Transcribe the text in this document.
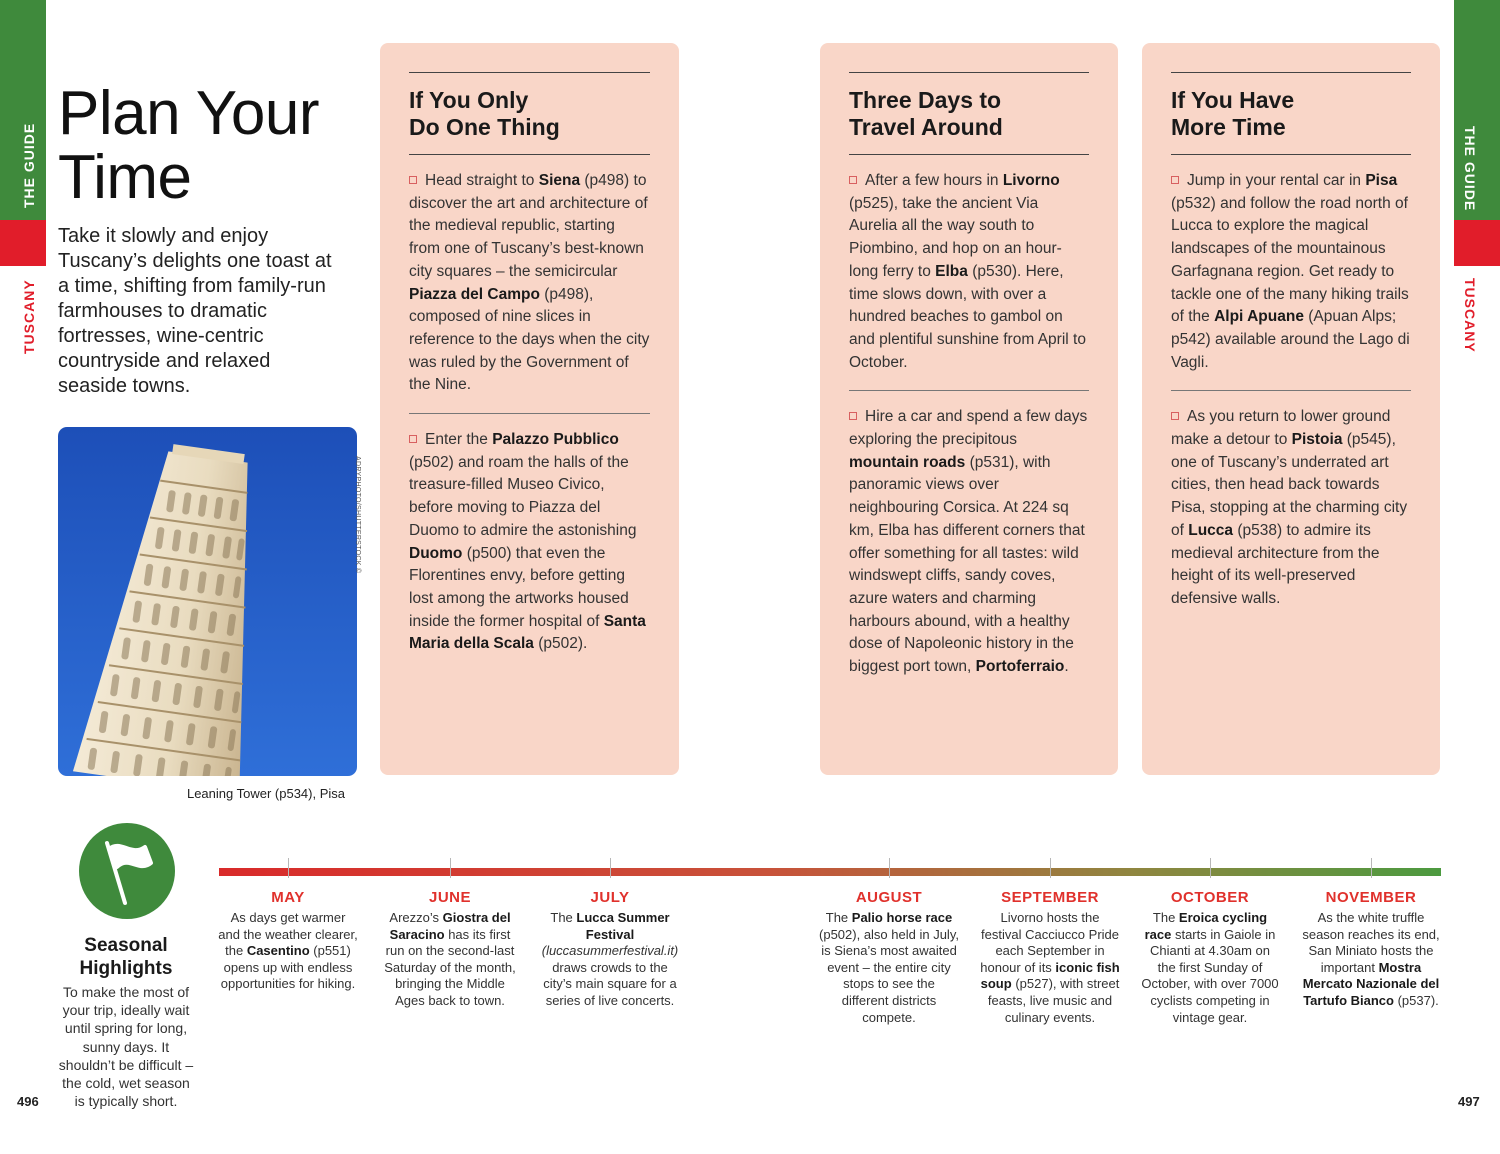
THE GUIDE
TUSCANY
THE GUIDE
TUSCANY
Plan Your
Time
Take it slowly and enjoy Tuscany’s delights one toast at a time, shifting from family-run farmhouses to dramatic fortresses, wine-centric countryside and relaxed seaside towns.
ADRYPHOTO/SHUTTERSTOCK ©
Leaning Tower (p534), Pisa
If You Only
Do One Thing
Head straight to Siena (p498) to discover the art and architecture of the medieval republic, starting from one of Tuscany’s best-known city squares – the semicircular Piazza del Campo (p498), composed of nine slices in reference to the days when the city was ruled by the Government of the Nine.
Enter the Palazzo Pubblico (p502) and roam the halls of the treasure-filled Museo Civico, before moving to Piazza del Duomo to admire the astonishing Duomo (p500) that even the Florentines envy, before getting lost among the artworks housed inside the former hospital of Santa Maria della Scala (p502).
Three Days to
Travel Around
After a few hours in Livorno (p525), take the ancient Via Aurelia all the way south to Piombino, and hop on an hour-long ferry to Elba (p530). Here, time slows down, with over a hundred beaches to gambol on and plentiful sunshine from April to October.
Hire a car and spend a few days exploring the precipitous mountain roads (p531), with panoramic views over neighbouring Corsica. At 224 sq km, Elba has different corners that offer something for all tastes: wild windswept cliffs, sandy coves, azure waters and charming harbours abound, with a healthy dose of Napoleonic history in the biggest port town, Portoferraio.
If You Have
More Time
Jump in your rental car in Pisa (p532) and follow the road north of Lucca to explore the magical landscapes of the mountainous Garfagnana region. Get ready to tackle one of the many hiking trails of the Alpi Apuane (Apuan Alps; p542) available around the Lago di Vagli.
As you return to lower ground make a detour to Pistoia (p545), one of Tuscany’s underrated art cities, then head back towards Pisa, stopping at the charming city of Lucca (p538) to admire its medieval architecture from the height of its well-preserved defensive walls.
Seasonal
Highlights
To make the most of your trip, ideally wait until spring for long, sunny days. It shouldn’t be difficult – the cold, wet season is typically short.
MAY
As days get warmer and the weather clearer, the Casentino (p551) opens up with endless opportunities for hiking.
JUNE
Arezzo’s Giostra del Saracino has its first run on the second-last Saturday of the month, bringing the Middle Ages back to town.
JULY
The Lucca Summer Festival (luccasummerfestival.it) draws crowds to the city’s main square for a series of live concerts.
AUGUST
The Palio horse race (p502), also held in July, is Siena’s most awaited event – the entire city stops to see the different districts compete.
SEPTEMBER
Livorno hosts the festival Cacciucco Pride each September in honour of its iconic fish soup (p527), with street feasts, live music and culinary events.
OCTOBER
The Eroica cycling race starts in Gaiole in Chianti at 4.30am on the first Sunday of October, with over 7000 cyclists competing in vintage gear.
NOVEMBER
As the white truffle season reaches its end, San Miniato hosts the important Mostra Mercato Nazionale del Tartufo Bianco (p537).
496	497
